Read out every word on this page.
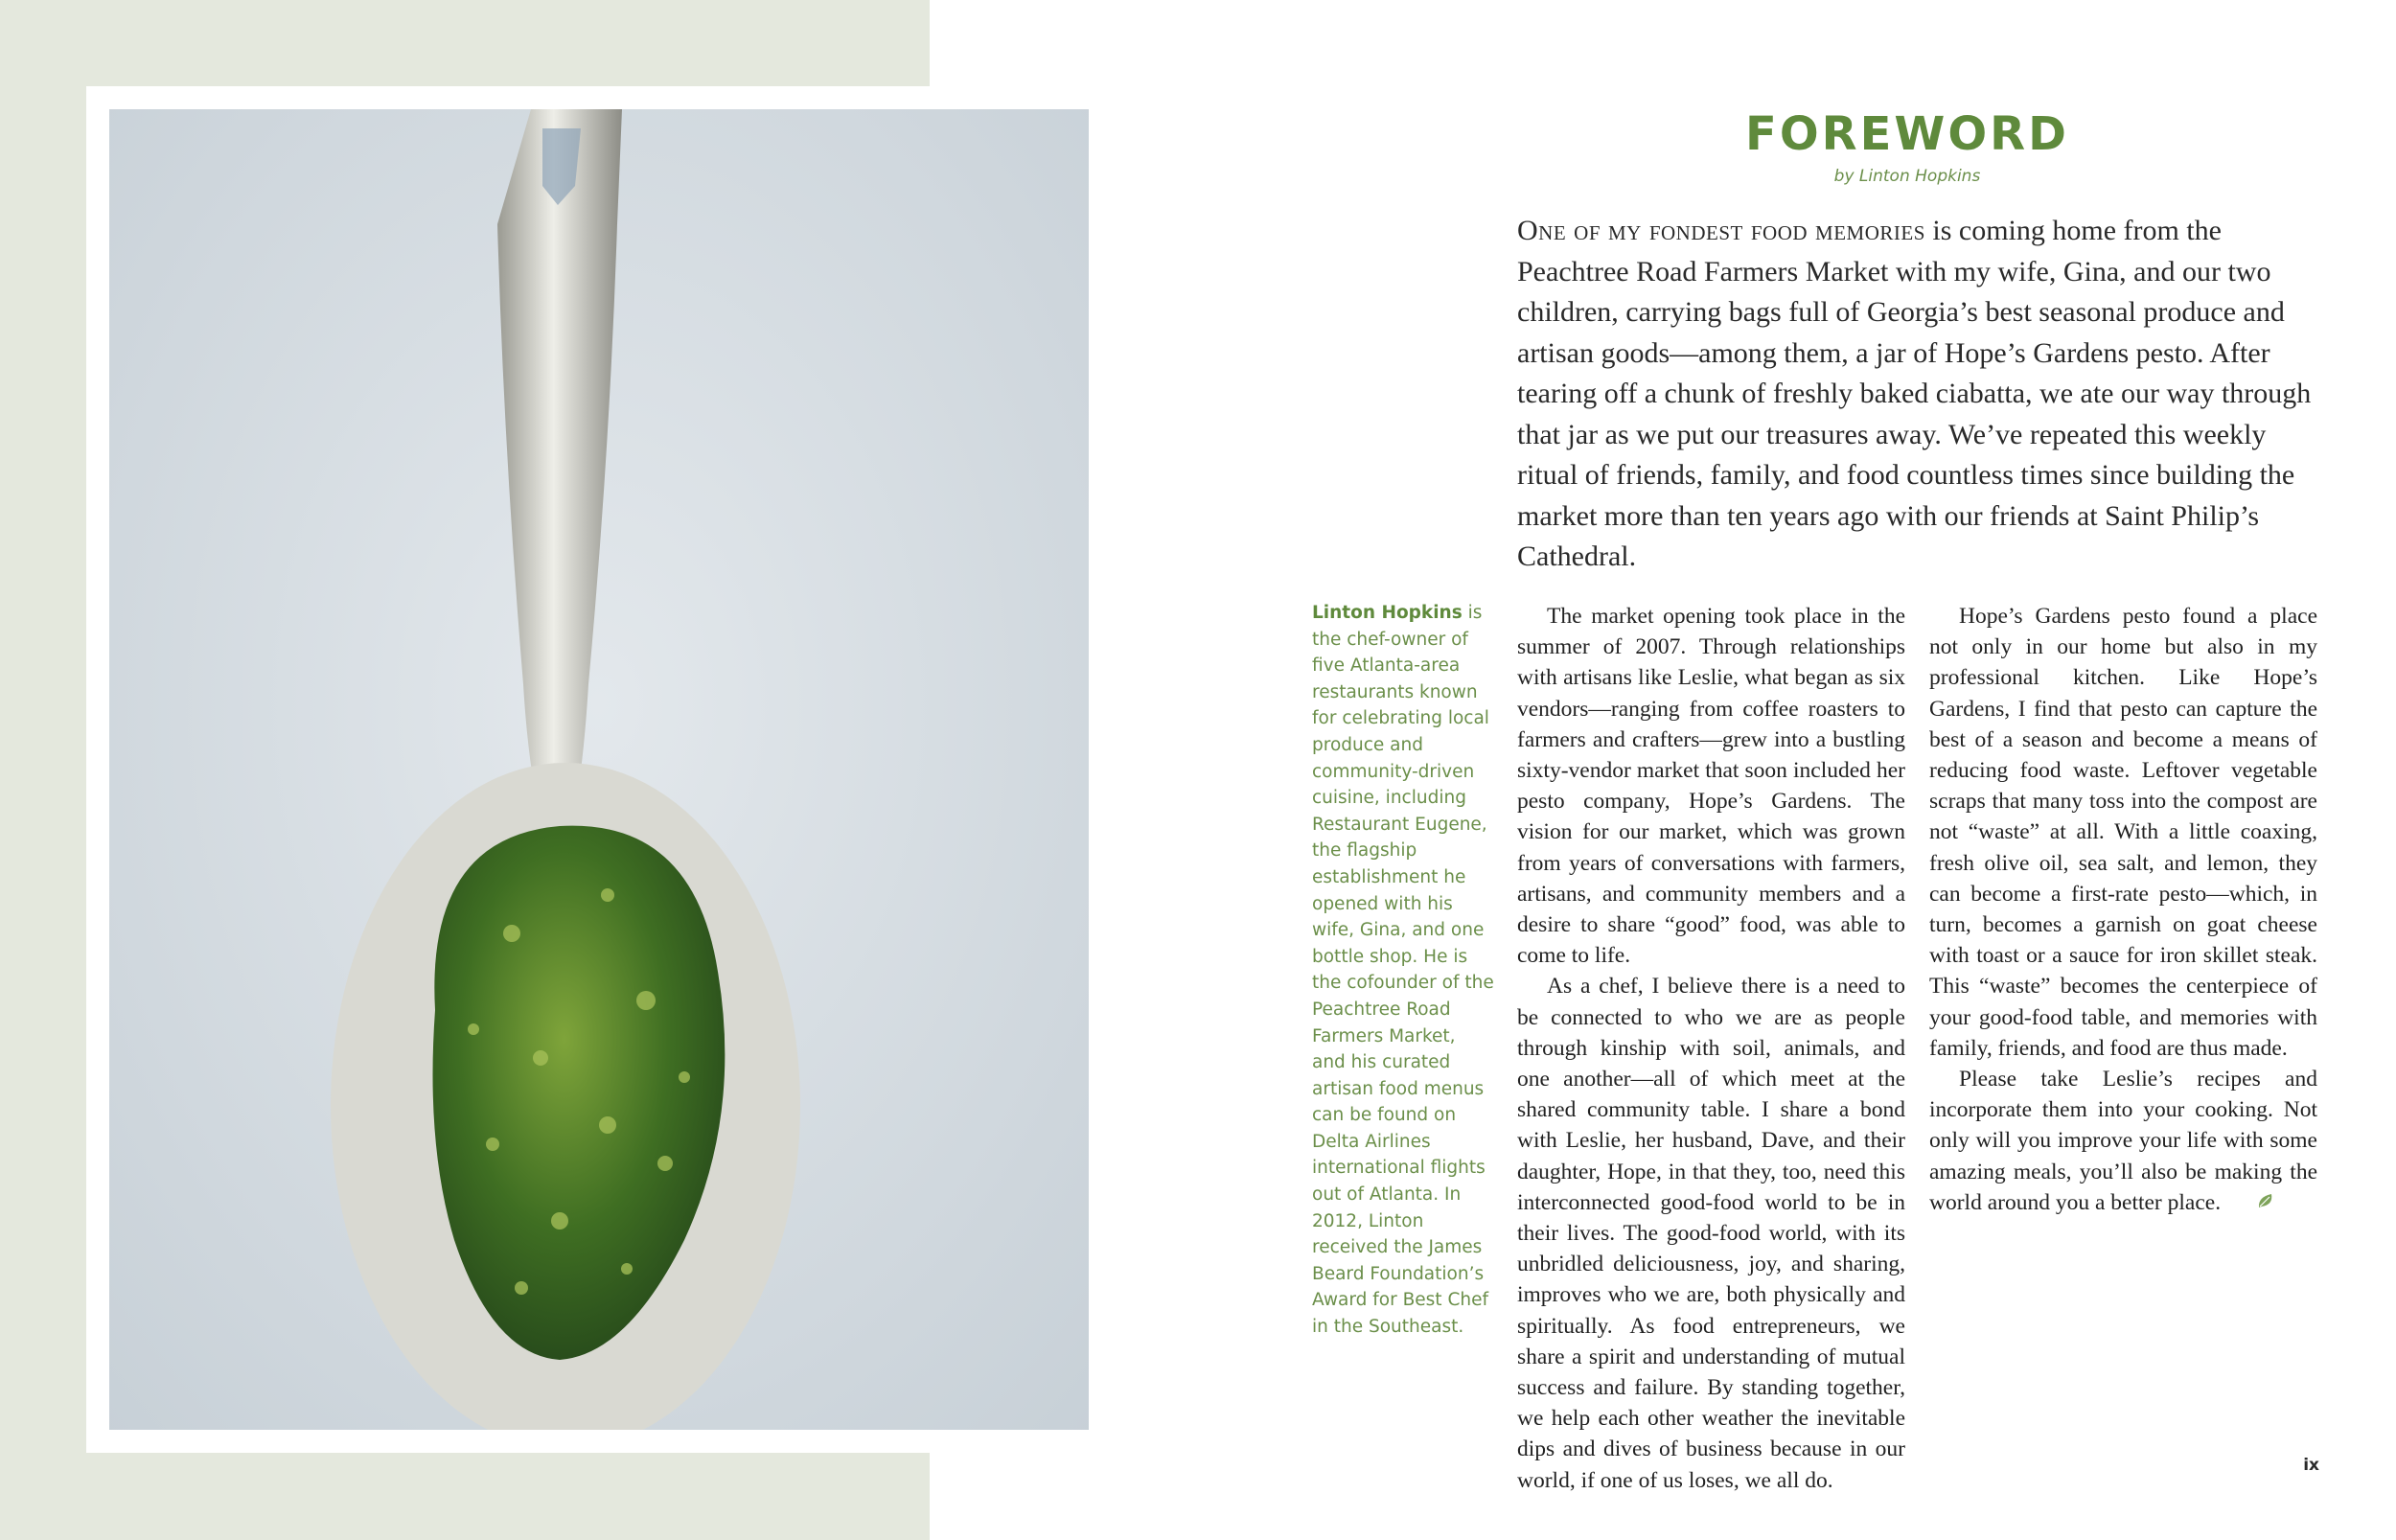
FOREWORD
by Linton Hopkins

One of my fondest food memories is coming home from the Peachtree Road Farmers Market with my wife, Gina, and our two children, carrying bags full of Georgia’s best seasonal produce and artisan goods—among them, a jar of Hope’s Gardens pesto. After tearing off a chunk of freshly baked ciabatta, we ate our way through that jar as we put our treasures away. We’ve repeated this weekly ritual of friends, family, and food countless times since building the market more than ten years ago with our friends at Saint Philip’s Cathedral.

Linton Hopkins is the chef-owner of five Atlanta-area restaurants known for celebrating local produce and community-driven cuisine, including Restaurant Eugene, the flagship establishment he opened with his wife, Gina, and one bottle shop. He is the cofounder of the Peachtree Road Farmers Market, and his curated artisan food menus can be found on Delta Airlines international flights out of Atlanta. In 2012, Linton received the James Beard Foundation’s Award for Best Chef in the Southeast.

The market opening took place in the summer of 2007. Through relationships with artisans like Leslie, what began as six vendors—ranging from coffee roasters to farmers and crafters—grew into a bustling sixty-vendor market that soon included her pesto company, Hope’s Gardens. The vision for our market, which was grown from years of conversations with farmers, artisans, and community members and a desire to share “good” food, was able to come to life.

As a chef, I believe there is a need to be connected to who we are as people through kinship with soil, animals, and one another—all of which meet at the shared community table. I share a bond with Leslie, her husband, Dave, and their daughter, Hope, in that they, too, need this interconnected good-food world to be in their lives. The good-food world, with its unbridled deliciousness, joy, and sharing, improves who we are, both physically and spiritually. As food entrepreneurs, we share a spirit and understanding of mutual success and failure. By standing together, we help each other weather the inevitable dips and dives of business because in our world, if one of us loses, we all do.

Hope’s Gardens pesto found a place not only in our home but also in my professional kitchen. Like Hope’s Gardens, I find that pesto can capture the best of a season and become a means of reducing food waste. Leftover vegetable scraps that many toss into the compost are not “waste” at all. With a little coaxing, fresh olive oil, sea salt, and lemon, they can become a first-rate pesto—which, in turn, becomes a garnish on goat cheese with toast or a sauce for iron skillet steak. This “waste” becomes the centerpiece of your good-food table, and memories with family, friends, and food are thus made.

Please take Leslie’s recipes and incorporate them into your cooking. Not only will you improve your life with some amazing meals, you’ll also be making the world around you a better place.

ix
